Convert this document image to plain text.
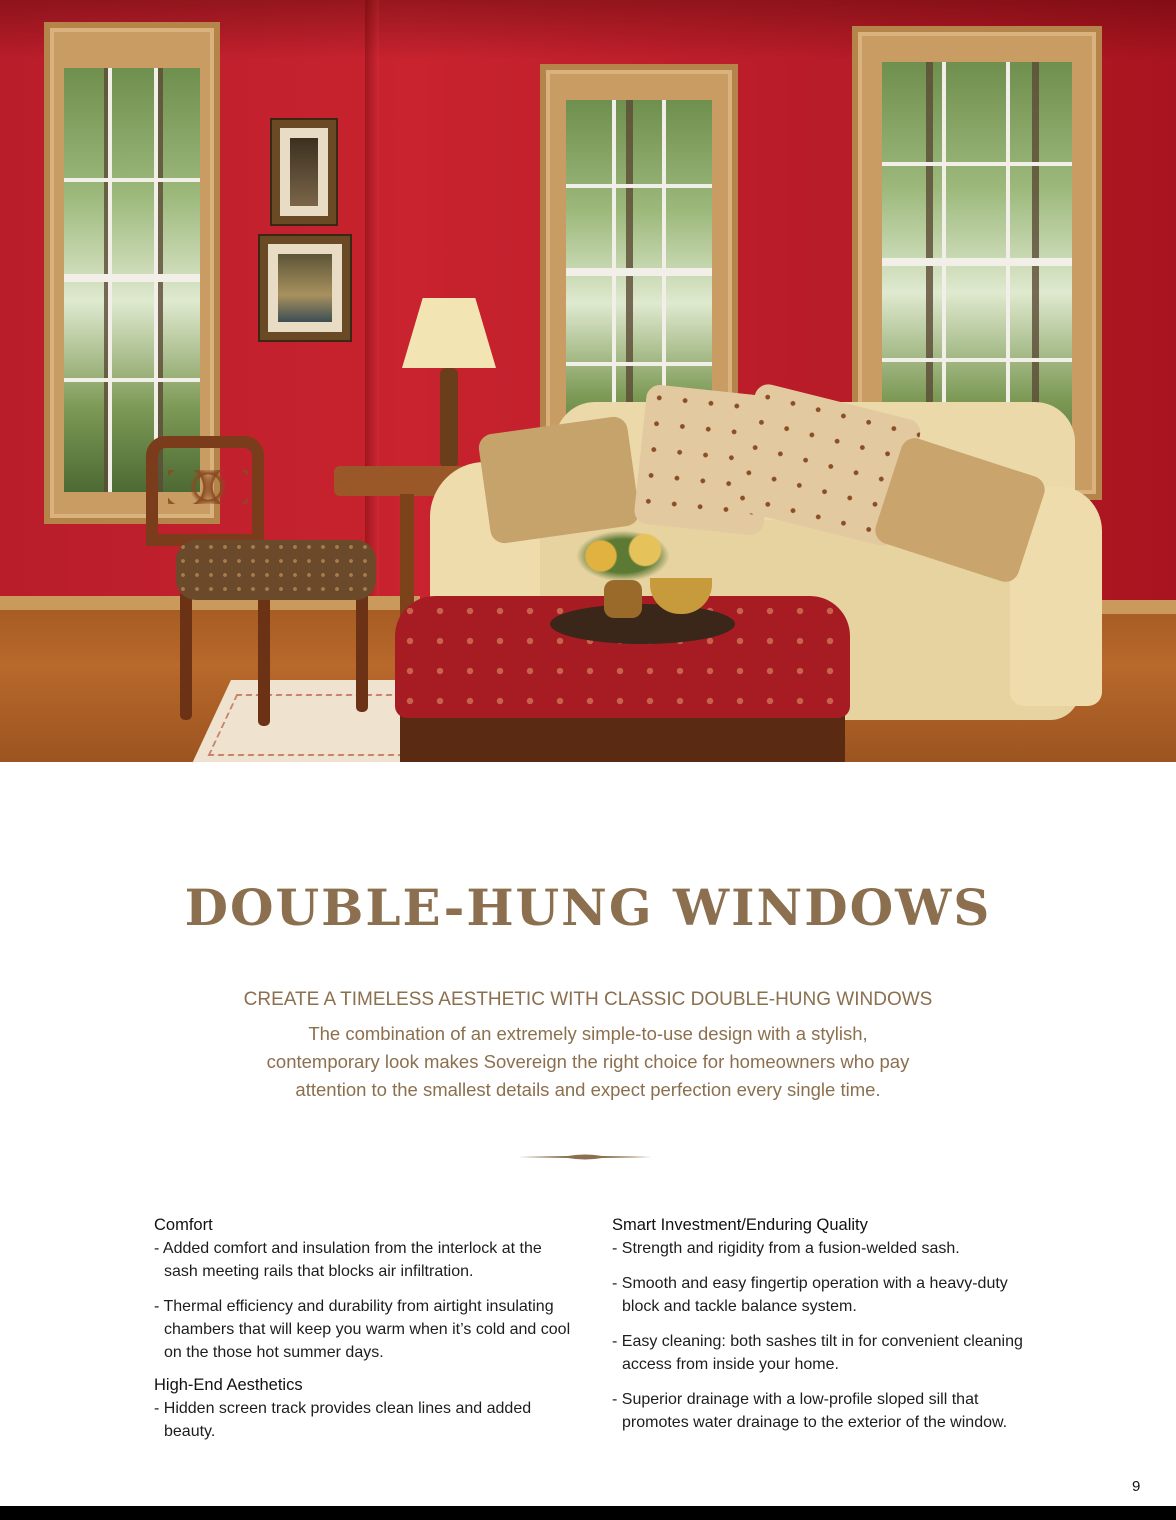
DOUBLE-HUNG WINDOWS
CREATE A TIMELESS AESTHETIC WITH CLASSIC DOUBLE-HUNG WINDOWS
The combination of an extremely simple-to-use design with a stylish,
contemporary look makes Sovereign the right choice for homeowners who pay
attention to the smallest details and expect perfection every single time.
Comfort
- Added comfort and insulation from the interlock at the sash meeting rails that blocks air infiltration.
- Thermal efficiency and durability from airtight insulating chambers that will keep you warm when it’s cold and cool on the those hot summer days.
High-End Aesthetics
- Hidden screen track provides clean lines and added beauty.
Smart Investment/Enduring Quality
- Strength and rigidity from a fusion-welded sash.
- Smooth and easy fingertip operation with a heavy-duty block and tackle balance system.
- Easy cleaning: both sashes tilt in for convenient cleaning access from inside your home.
- Superior drainage with a low-profile sloped sill that promotes water drainage to the exterior of the window.
9
